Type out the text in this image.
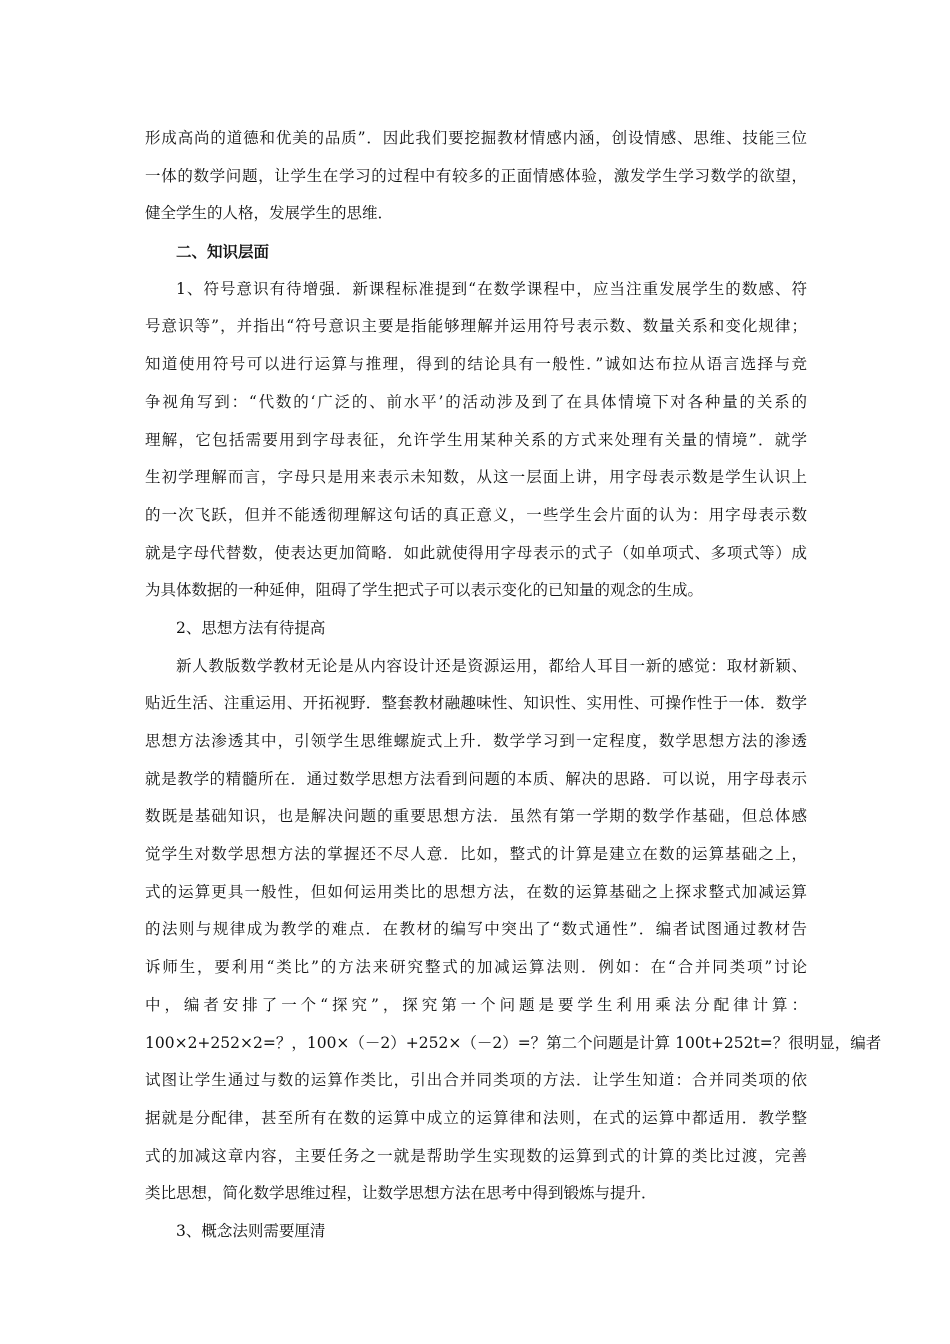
形成高尚的道德和优美的品质”．因此我们要挖掘教材情感内涵，创设情感、思维、技能三位
一体的数学问题，让学生在学习的过程中有较多的正面情感体验，激发学生学习数学的欲望，
健全学生的人格，发展学生的思维．
二、知识层面
1、符号意识有待增强．新课程标准提到“在数学课程中，应当注重发展学生的数感、符
号意识等”，并指出“符号意识主要是指能够理解并运用符号表示数、数量关系和变化规律；
知道使用符号可以进行运算与推理，得到的结论具有一般性．”诚如达布拉从语言选择与竞
争视角写到：“代数的‘广泛的、前水平’的活动涉及到了在具体情境下对各种量的关系的
理解，它包括需要用到字母表征，允许学生用某种关系的方式来处理有关量的情境”．就学
生初学理解而言，字母只是用来表示未知数，从这一层面上讲，用字母表示数是学生认识上
的一次飞跃，但并不能透彻理解这句话的真正意义，一些学生会片面的认为：用字母表示数
就是字母代替数，使表达更加简略．如此就使得用字母表示的式子（如单项式、多项式等）成
为具体数据的一种延伸，阻碍了学生把式子可以表示变化的已知量的观念的生成。
2、思想方法有待提高
新人教版数学教材无论是从内容设计还是资源运用，都给人耳目一新的感觉：取材新颖、
贴近生活、注重运用、开拓视野．整套教材融趣味性、知识性、实用性、可操作性于一体．数学
思想方法渗透其中，引领学生思维螺旋式上升．数学学习到一定程度，数学思想方法的渗透
就是教学的精髓所在．通过数学思想方法看到问题的本质、解决的思路．可以说，用字母表示
数既是基础知识，也是解决问题的重要思想方法．虽然有第一学期的数学作基础，但总体感
觉学生对数学思想方法的掌握还不尽人意．比如，整式的计算是建立在数的运算基础之上，
式的运算更具一般性，但如何运用类比的思想方法，在数的运算基础之上探求整式加减运算
的法则与规律成为教学的难点．在教材的编写中突出了“数式通性”．编者试图通过教材告
诉师生，要利用“类比”的方法来研究整式的加减运算法则．例如：在“合并同类项”讨论
中，编者安排了一个“探究”，探究第一个问题是要学生利用乘法分配律计算：
100×2+252×2=？，100×（－2）+252×（－2）=？第二个问题是计算 100t+252t=？很明显，编者
试图让学生通过与数的运算作类比，引出合并同类项的方法．让学生知道：合并同类项的依
据就是分配律，甚至所有在数的运算中成立的运算律和法则，在式的运算中都适用．教学整
式的加减这章内容，主要任务之一就是帮助学生实现数的运算到式的计算的类比过渡，完善
类比思想，简化数学思维过程，让数学思想方法在思考中得到锻炼与提升．
3、概念法则需要厘清
